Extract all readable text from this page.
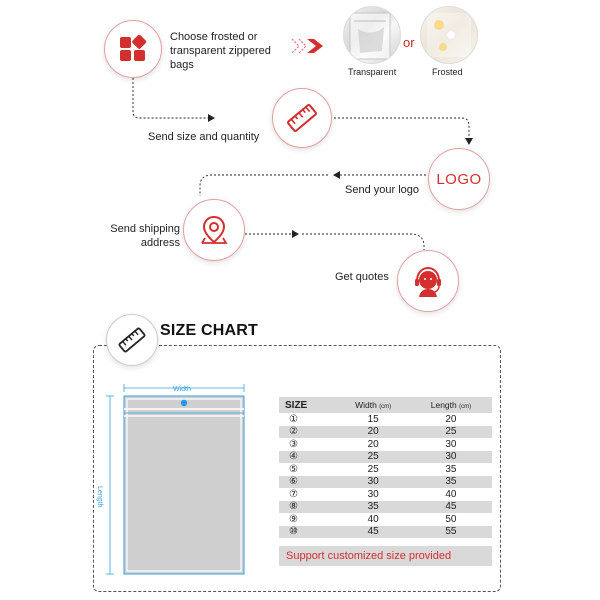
Choose frosted or
transparent zippered
bags
Transparent
or
Frosted
Send size and quantity
LOGO
Send your logo
Send shipping
address
Get quotes
SIZE CHART
Width
Length
SIZE	Width (cm)	Length (cm)
①	15	20
②	20	25
③	20	30
④	25	30
⑤	25	35
⑥	30	35
⑦	30	40
⑧	35	45
⑨	40	50
⑩	45	55
Support customized size provided
